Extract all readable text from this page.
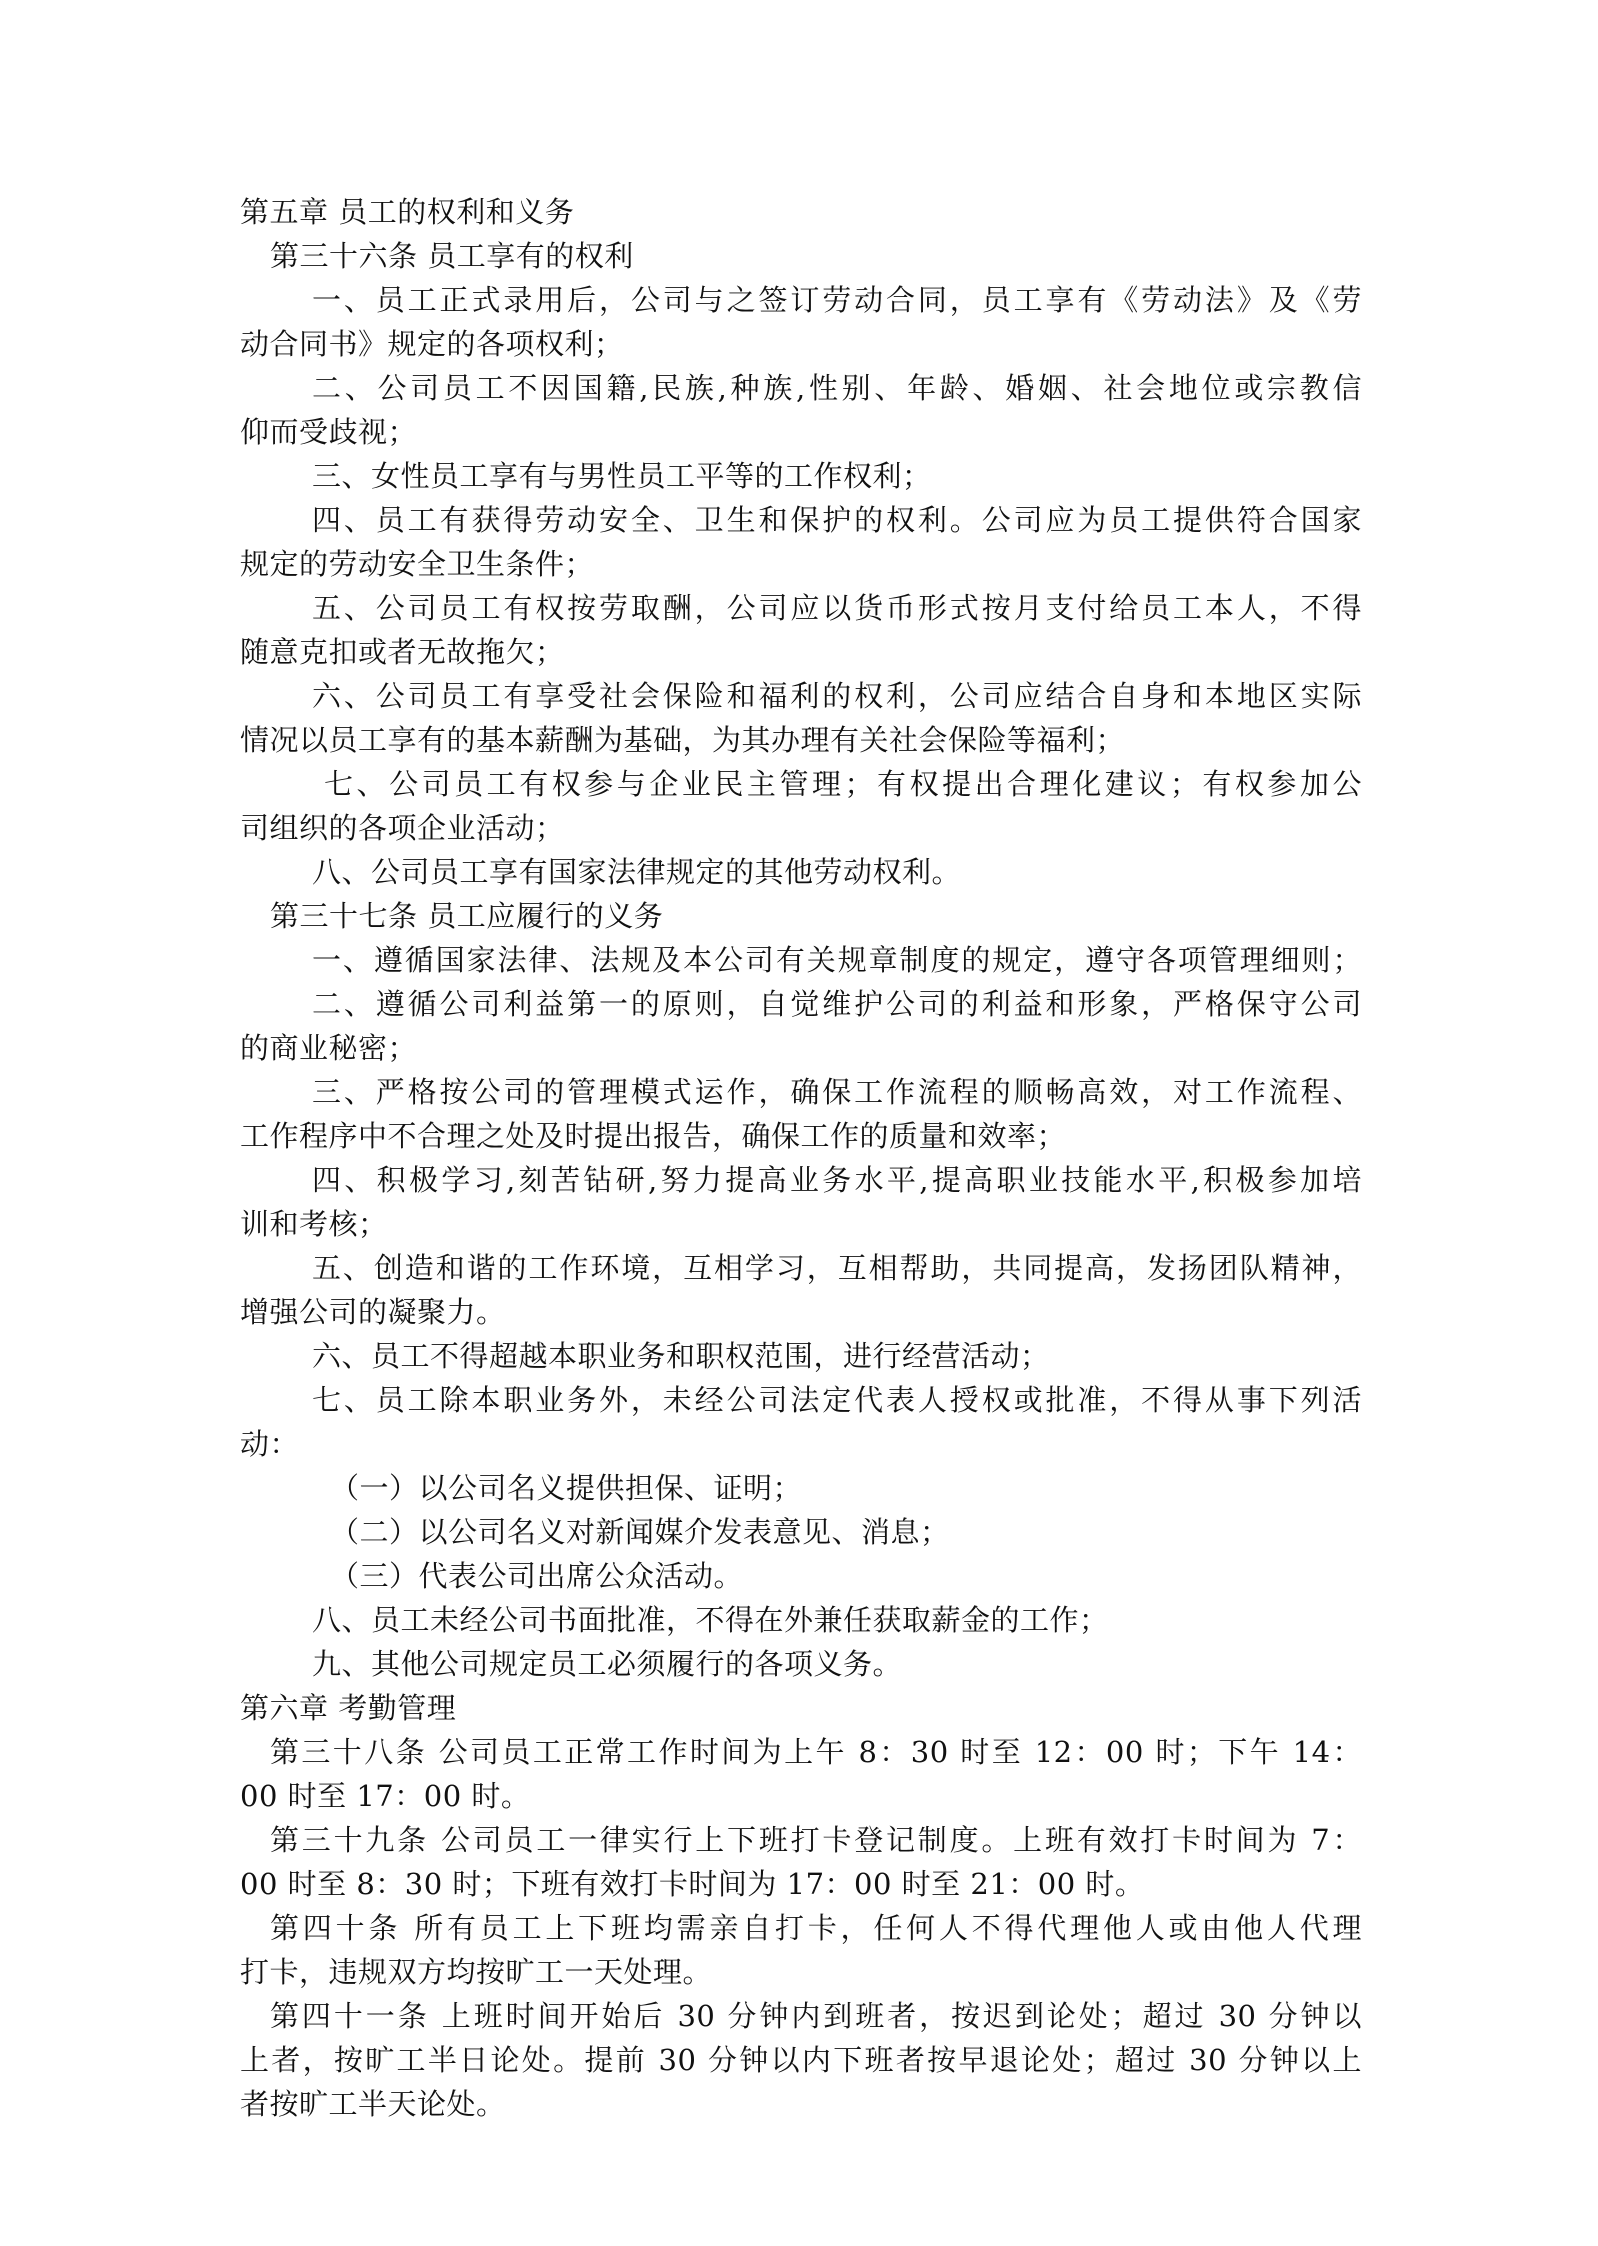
第五章 员工的权利和义务
第三十六条 员工享有的权利
一、员工正式录用后，公司与之签订劳动合同，员工享有《劳动法》及《劳
动合同书》规定的各项权利；
二、公司员工不因国籍,民族,种族,性别、年龄、婚姻、社会地位或宗教信
仰而受歧视；
三、女性员工享有与男性员工平等的工作权利；
四、员工有获得劳动安全、卫生和保护的权利。公司应为员工提供符合国家
规定的劳动安全卫生条件；
五、公司员工有权按劳取酬，公司应以货币形式按月支付给员工本人，不得
随意克扣或者无故拖欠；
六、公司员工有享受社会保险和福利的权利，公司应结合自身和本地区实际
情况以员工享有的基本薪酬为基础，为其办理有关社会保险等福利；
七、公司员工有权参与企业民主管理；有权提出合理化建议；有权参加公
司组织的各项企业活动；
八、公司员工享有国家法律规定的其他劳动权利。
第三十七条 员工应履行的义务
一、遵循国家法律、法规及本公司有关规章制度的规定，遵守各项管理细则；
二、遵循公司利益第一的原则，自觉维护公司的利益和形象，严格保守公司
的商业秘密；
三、严格按公司的管理模式运作，确保工作流程的顺畅高效，对工作流程、
工作程序中不合理之处及时提出报告，确保工作的质量和效率；
四、积极学习,刻苦钻研,努力提高业务水平,提高职业技能水平,积极参加培
训和考核；
五、创造和谐的工作环境，互相学习，互相帮助，共同提高，发扬团队精神，
增强公司的凝聚力。
六、员工不得超越本职业务和职权范围，进行经营活动；
七、员工除本职业务外，未经公司法定代表人授权或批准，不得从事下列活
动：
（一）以公司名义提供担保、证明；
（二）以公司名义对新闻媒介发表意见、消息；
（三）代表公司出席公众活动。
八、员工未经公司书面批准，不得在外兼任获取薪金的工作；
九、其他公司规定员工必须履行的各项义务。
第六章 考勤管理
第三十八条 公司员工正常工作时间为上午 8：30 时至 12：00 时；下午 14：
00 时至 17：00 时。
第三十九条 公司员工一律实行上下班打卡登记制度。上班有效打卡时间为 7：
00 时至 8：30 时；下班有效打卡时间为 17：00 时至 21：00 时。
第四十条 所有员工上下班均需亲自打卡，任何人不得代理他人或由他人代理
打卡，违规双方均按旷工一天处理。
第四十一条 上班时间开始后 30 分钟内到班者，按迟到论处；超过 30 分钟以
上者，按旷工半日论处。提前 30 分钟以内下班者按早退论处；超过 30 分钟以上
者按旷工半天论处。
